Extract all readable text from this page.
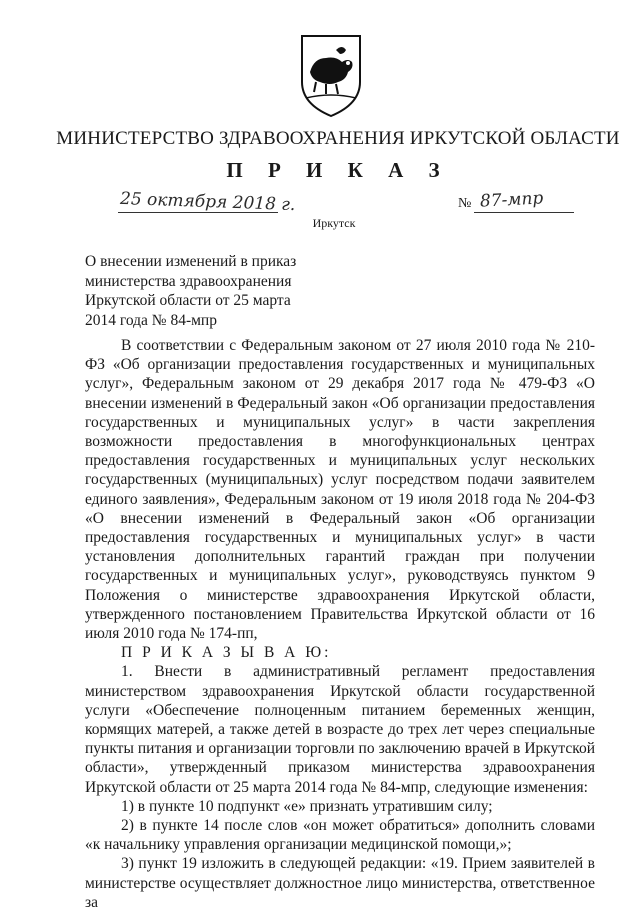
МИНИСТЕРСТВО ЗДРАВООХРАНЕНИЯ ИРКУТСКОЙ ОБЛАСТИ
П Р И К А З
25 октября 2018 г.	№ 87-мпр
Иркутск
О внесении изменений в приказ министерства здравоохранения Иркутской области от 25 марта 2014 года № 84-мпр

В соответствии с Федеральным законом от 27 июля 2010 года № 210-ФЗ «Об организации предоставления государственных и муниципальных услуг», Федеральным законом от 29 декабря 2017 года № 479-ФЗ «О внесении изменений в Федеральный закон «Об организации предоставления государственных и муниципальных услуг» в части закрепления возможности предоставления в многофункциональных центрах предоставления государственных и муниципальных услуг нескольких государственных (муниципальных) услуг посредством подачи заявителем единого заявления», Федеральным законом от 19 июля 2018 года № 204-ФЗ «О внесении изменений в Федеральный закон «Об организации предоставления государственных и муниципальных услуг» в части установления дополнительных гарантий граждан при получении государственных и муниципальных услуг», руководствуясь пунктом 9 Положения о министерстве здравоохранения Иркутской области, утвержденного постановлением Правительства Иркутской области от 16 июля 2010 года № 174-пп,

П Р И К А З Ы В А Ю:

1. Внести в административный регламент предоставления министерством здравоохранения Иркутской области государственной услуги «Обеспечение полноценным питанием беременных женщин, кормящих матерей, а также детей в возрасте до трех лет через специальные пункты питания и организации торговли по заключению врачей в Иркутской области», утвержденный приказом министерства здравоохранения Иркутской области от 25 марта 2014 года № 84-мпр, следующие изменения:

1) в пункте 10 подпункт «е» признать утратившим силу;

2) в пункте 14 после слов «он может обратиться» дополнить словами «к начальнику управления организации медицинской помощи,»;

3) пункт 19 изложить в следующей редакции: «19. Прием заявителей в министерстве осуществляет должностное лицо министерства, ответственное за
